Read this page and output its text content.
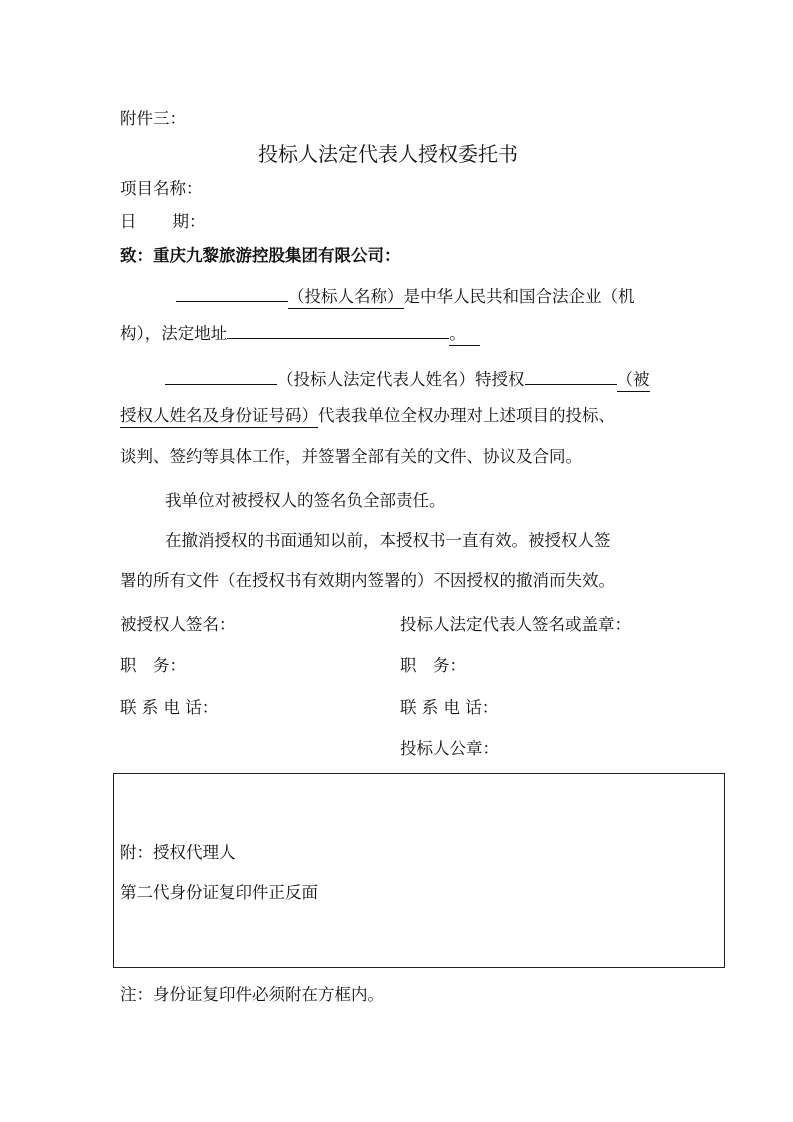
附件三：
投标人法定代表人授权委托书
项目名称：
日 期：
致：重庆九黎旅游控股集团有限公司：
（投标人名称）是中华人民共和国合法企业（机
构），法定地址	。
（投标人法定代表人姓名）特授权	（被
授权人姓名及身份证号码）代表我单位全权办理对上述项目的投标、
谈判、签约等具体工作，并签署全部有关的文件、协议及合同。
我单位对被授权人的签名负全部责任。
在撤消授权的书面通知以前，本授权书一直有效。被授权人签
署的所有文件（在授权书有效期内签署的）不因授权的撤消而失效。
被授权人签名：	投标人法定代表人签名或盖章：
职　务：	职　务：
联 系 电 话：	联 系 电 话：
投标人公章：
附：授权代理人
第二代身份证复印件正反面
注：身份证复印件必须附在方框内。
